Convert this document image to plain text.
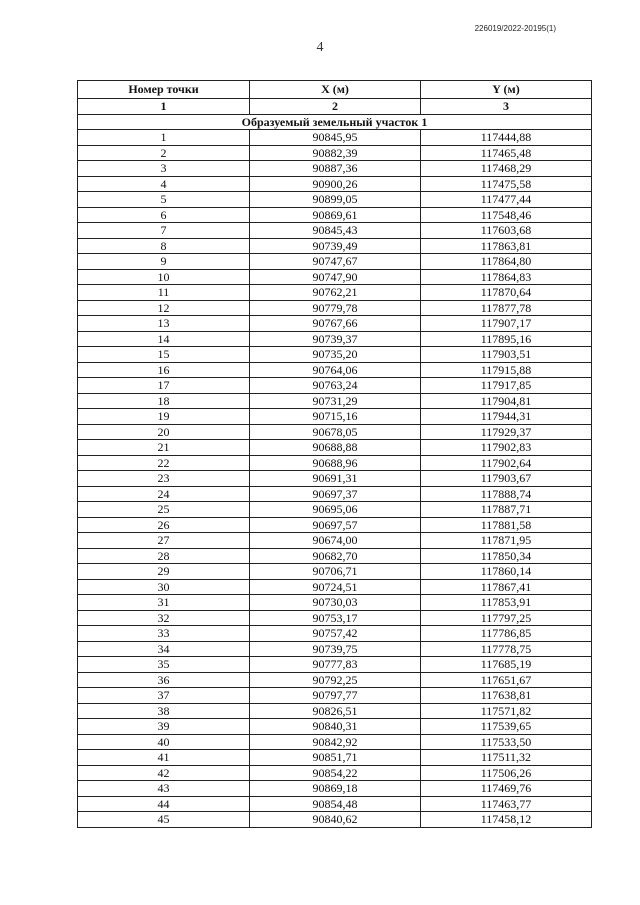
226019/2022-20195(1)
4
Номер точки	X (м)	Y (м)
1	2	3
Образуемый земельный участок 1		
1	90845,95	117444,88
2	90882,39	117465,48
3	90887,36	117468,29
4	90900,26	117475,58
5	90899,05	117477,44
6	90869,61	117548,46
7	90845,43	117603,68
8	90739,49	117863,81
9	90747,67	117864,80
10	90747,90	117864,83
11	90762,21	117870,64
12	90779,78	117877,78
13	90767,66	117907,17
14	90739,37	117895,16
15	90735,20	117903,51
16	90764,06	117915,88
17	90763,24	117917,85
18	90731,29	117904,81
19	90715,16	117944,31
20	90678,05	117929,37
21	90688,88	117902,83
22	90688,96	117902,64
23	90691,31	117903,67
24	90697,37	117888,74
25	90695,06	117887,71
26	90697,57	117881,58
27	90674,00	117871,95
28	90682,70	117850,34
29	90706,71	117860,14
30	90724,51	117867,41
31	90730,03	117853,91
32	90753,17	117797,25
33	90757,42	117786,85
34	90739,75	117778,75
35	90777,83	117685,19
36	90792,25	117651,67
37	90797,77	117638,81
38	90826,51	117571,82
39	90840,31	117539,65
40	90842,92	117533,50
41	90851,71	117511,32
42	90854,22	117506,26
43	90869,18	117469,76
44	90854,48	117463,77
45	90840,62	117458,12
